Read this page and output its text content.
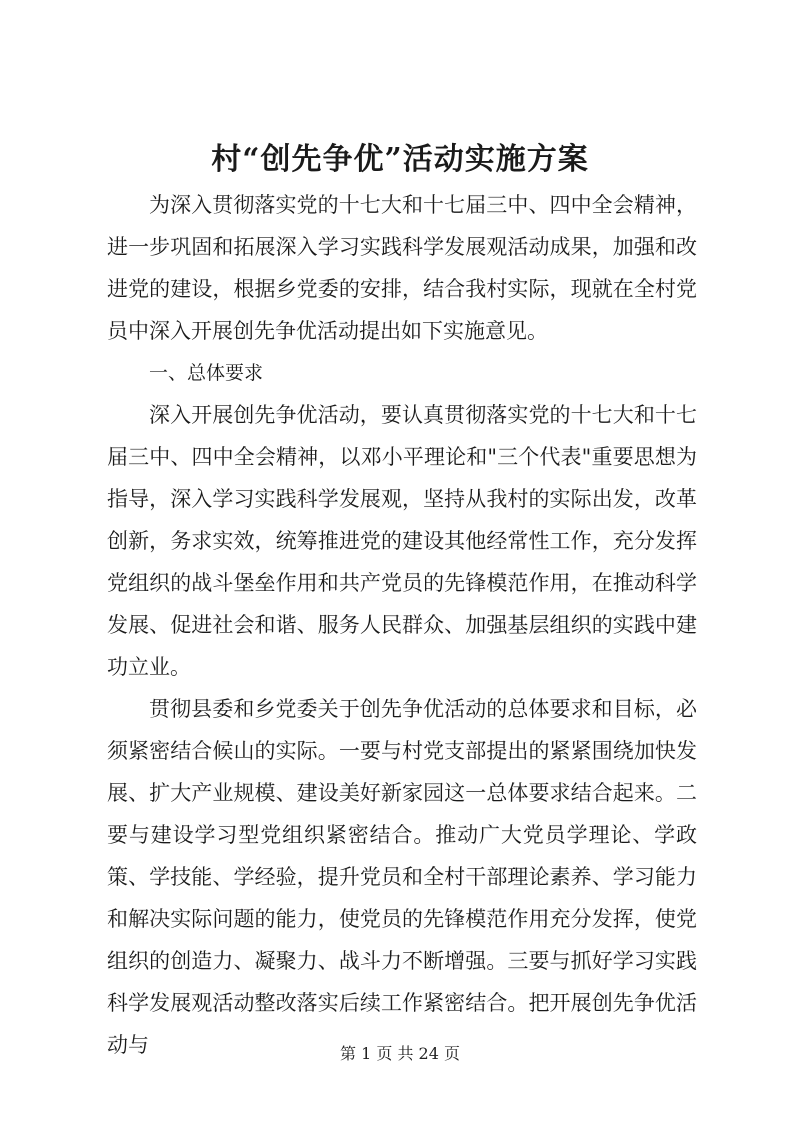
村“创先争优”活动实施方案

为深入贯彻落实党的十七大和十七届三中、四中全会精神，进一步巩固和拓展深入学习实践科学发展观活动成果，加强和改进党的建设，根据乡党委的安排，结合我村实际，现就在全村党员中深入开展创先争优活动提出如下实施意见。

一、总体要求

深入开展创先争优活动，要认真贯彻落实党的十七大和十七届三中、四中全会精神，以邓小平理论和"三个代表"重要思想为指导，深入学习实践科学发展观，坚持从我村的实际出发，改革创新，务求实效，统筹推进党的建设其他经常性工作，充分发挥党组织的战斗堡垒作用和共产党员的先锋模范作用，在推动科学发展、促进社会和谐、服务人民群众、加强基层组织的实践中建功立业。

贯彻县委和乡党委关于创先争优活动的总体要求和目标，必须紧密结合候山的实际。一要与村党支部提出的紧紧围绕加快发展、扩大产业规模、建设美好新家园这一总体要求结合起来。二要与建设学习型党组织紧密结合。推动广大党员学理论、学政策、学技能、学经验，提升党员和全村干部理论素养、学习能力和解决实际问题的能力，使党员的先锋模范作用充分发挥，使党组织的创造力、凝聚力、战斗力不断增强。三要与抓好学习实践科学发展观活动整改落实后续工作紧密结合。把开展创先争优活动与	第 1 页 共 24 页
